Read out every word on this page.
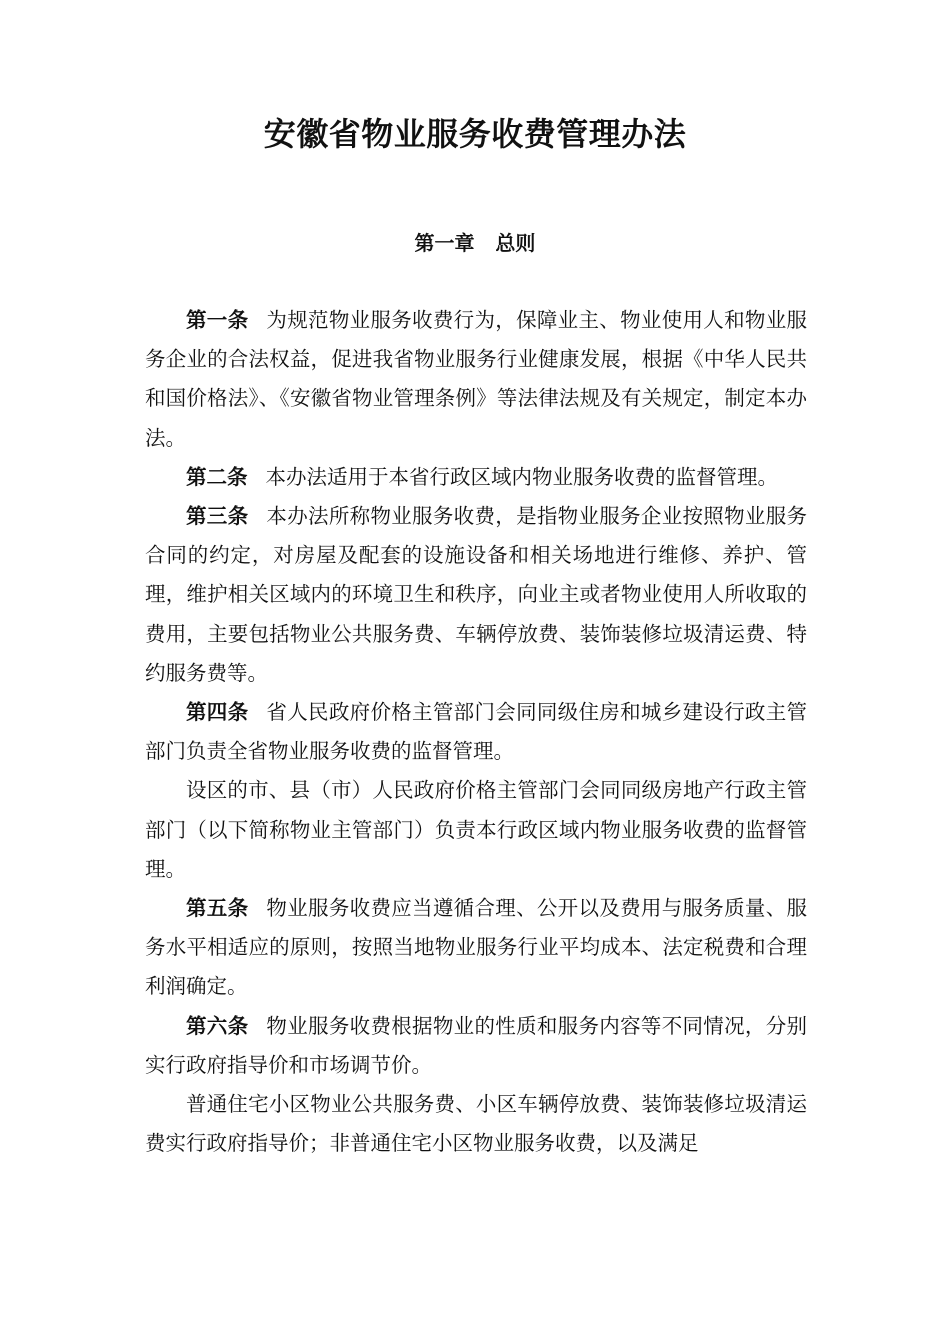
安徽省物业服务收费管理办法
第一章   总则

第一条 为规范物业服务收费行为，保障业主、物业使用人和物业服务企业的合法权益，促进我省物业服务行业健康发展，根据《中华人民共和国价格法》、《安徽省物业管理条例》等法律法规及有关规定，制定本办法。

第二条 本办法适用于本省行政区域内物业服务收费的监督管理。

第三条 本办法所称物业服务收费，是指物业服务企业按照物业服务合同的约定，对房屋及配套的设施设备和相关场地进行维修、养护、管理，维护相关区域内的环境卫生和秩序，向业主或者物业使用人所收取的费用，主要包括物业公共服务费、车辆停放费、装饰装修垃圾清运费、特约服务费等。

第四条 省人民政府价格主管部门会同同级住房和城乡建设行政主管部门负责全省物业服务收费的监督管理。

设区的市、县（市）人民政府价格主管部门会同同级房地产行政主管部门（以下简称物业主管部门）负责本行政区域内物业服务收费的监督管理。

第五条 物业服务收费应当遵循合理、公开以及费用与服务质量、服务水平相适应的原则，按照当地物业服务行业平均成本、法定税费和合理利润确定。

第六条 物业服务收费根据物业的性质和服务内容等不同情况，分别实行政府指导价和市场调节价。

普通住宅小区物业公共服务费、小区车辆停放费、装饰装修垃圾清运费实行政府指导价；非普通住宅小区物业服务收费，以及满足
